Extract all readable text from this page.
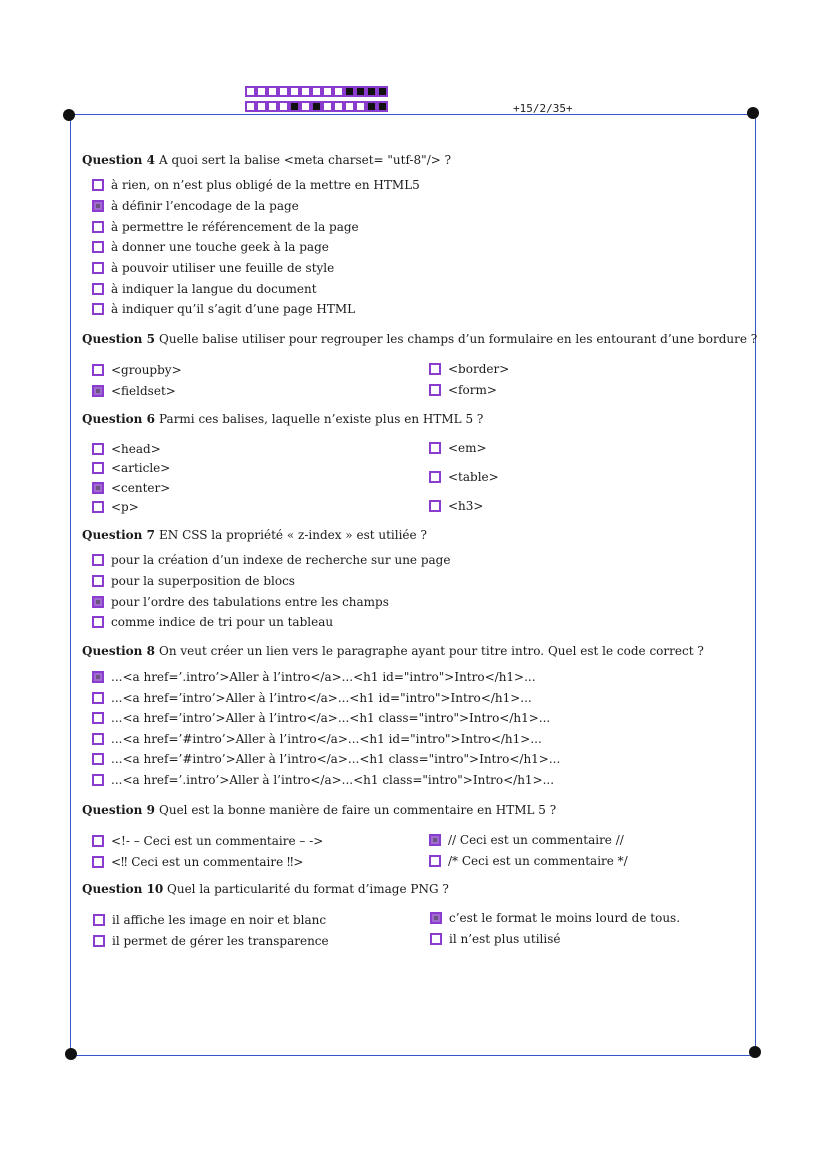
+15/2/35+
Question 4 A quoi sert la balise <meta charset= "utf-8"/> ?
à rien, on n’est plus obligé de la mettre en HTML5
à définir l’encodage de la page
à permettre le référencement de la page
à donner une touche geek à la page
à pouvoir utiliser une feuille de style
à indiquer la langue du document
à indiquer qu’il s’agit d’une page HTML
Question 5 Quelle balise utiliser pour regrouper les champs d’un formulaire en les entourant d’une bordure ?
<groupby>
<fieldset>
<border>
<form>
Question 6 Parmi ces balises, laquelle n’existe plus en HTML 5 ?
<head>
<article>
<center>
<p>
<em>
<table>
<h3>
Question 7 EN CSS la propriété « z-index » est utiliée ?
pour la création d’un indexe de recherche sur une page
pour la superposition de blocs
pour l’ordre des tabulations entre les champs
comme indice de tri pour un tableau
Question 8 On veut créer un lien vers le paragraphe ayant pour titre intro. Quel est le code correct ?
...<a href=’.intro’>Aller à l’intro</a>...<h1 id="intro">Intro</h1>...
...<a href=’intro’>Aller à l’intro</a>...<h1 id="intro">Intro</h1>...
...<a href=’intro’>Aller à l’intro</a>...<h1 class="intro">Intro</h1>...
...<a href=’#intro’>Aller à l’intro</a>...<h1 id="intro">Intro</h1>...
...<a href=’#intro’>Aller à l’intro</a>...<h1 class="intro">Intro</h1>...
...<a href=’.intro’>Aller à l’intro</a>...<h1 class="intro">Intro</h1>...
Question 9 Quel est la bonne manière de faire un commentaire en HTML 5 ?
<!- – Ceci est un commentaire – ->
<‼ Ceci est un commentaire ‼>
// Ceci est un commentaire //
/* Ceci est un commentaire */
Question 10 Quel la particularité du format d’image PNG ?
il affiche les image en noir et blanc
il permet de gérer les transparence
c’est le format le moins lourd de tous.
il n’est plus utilisé
